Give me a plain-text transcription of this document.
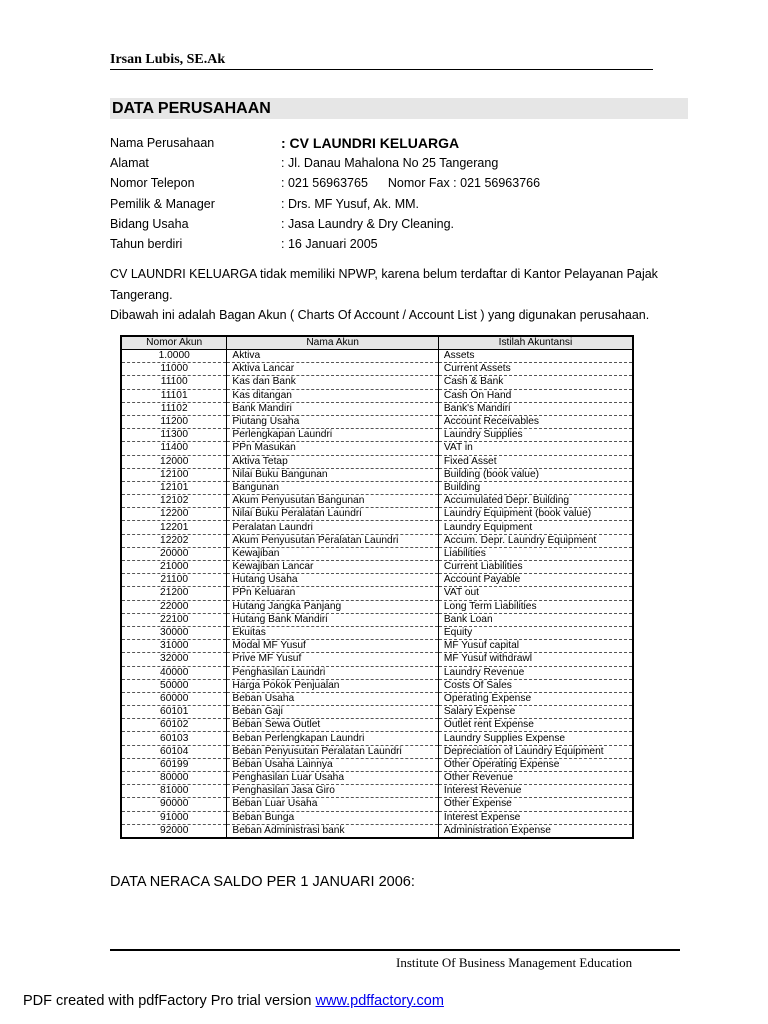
Irsan Lubis, SE.Ak
DATA PERUSAHAAN
Nama Perusahaan	: CV LAUNDRI KELUARGA
Alamat	: Jl. Danau Mahalona No 25 Tangerang
Nomor Telepon	: 021 56963765 Nomor Fax : 021 56963766
Pemilik & Manager	: Drs. MF Yusuf, Ak. MM.
Bidang Usaha	: Jasa Laundry & Dry Cleaning.
Tahun berdiri	: 16 Januari 2005

CV LAUNDRI KELUARGA tidak memiliki NPWP, karena belum terdaftar di Kantor Pelayanan Pajak Tangerang.

Dibawah ini adalah Bagan Akun ( Charts Of Account / Account List ) yang digunakan perusahaan.

Nomor Akun	Nama Akun	Istilah Akuntansi
1.0000	Aktiva	Assets
11000	Aktiva Lancar	Current Assets
11100	Kas dan Bank	Cash & Bank
11101	Kas ditangan	Cash On Hand
11102	Bank Mandiri	Bank's Mandiri
11200	Piutang Usaha	Account Receivables
11300	Perlengkapan Laundri	Laundry Supplies
11400	PPn Masukan	VAT in
12000	Aktiva Tetap	Fixed Asset
12100	Nilai Buku Bangunan	Building (book value)
12101	Bangunan	Building
12102	Akum Penyusutan Bangunan	Accumulated Depr. Building
12200	Nilai Buku Peralatan Laundri	Laundry Equipment (book value)
12201	Peralatan Laundri	Laundry Equipment
12202	Akum Penyusutan Peralatan Laundri	Accum. Depr. Laundry Equipment
20000	Kewajiban	Liabilities
21000	Kewajiban Lancar	Current Liabilities
21100	Hutang Usaha	Account Payable
21200	PPn Keluaran	VAT out
22000	Hutang Jangka Panjang	Long Term Liabilities
22100	Hutang Bank Mandiri	Bank Loan
30000	Ekuitas	Equity
31000	Modal MF Yusuf	MF Yusuf capital
32000	Prive MF Yusuf	MF Yusuf withdrawl
40000	Penghasilan Laundri	Laundry Revenue
50000	Harga Pokok Penjualan	Costs Of Sales
60000	Beban Usaha	Operating Expense
60101	Beban Gaji	Salary Expense
60102	Beban Sewa Outlet	Outlet rent Expense
60103	Beban Perlengkapan Laundri	Laundry Supplies Expense
60104	Beban Penyusutan Peralatan Laundri	Depreciation of Laundry Equipment
60199	Beban Usaha Lainnya	Other Operating Expense
80000	Penghasilan Luar Usaha	Other Revenue
81000	Penghasilan Jasa Giro	Interest Revenue
90000	Beban Luar Usaha	Other Expense
91000	Beban Bunga	Interest Expense
92000	Beban Administrasi bank	Administration Expense
DATA NERACA SALDO PER 1 JANUARI 2006:
Institute Of Business Management Education
PDF created with pdfFactory Pro trial version www.pdffactory.com
